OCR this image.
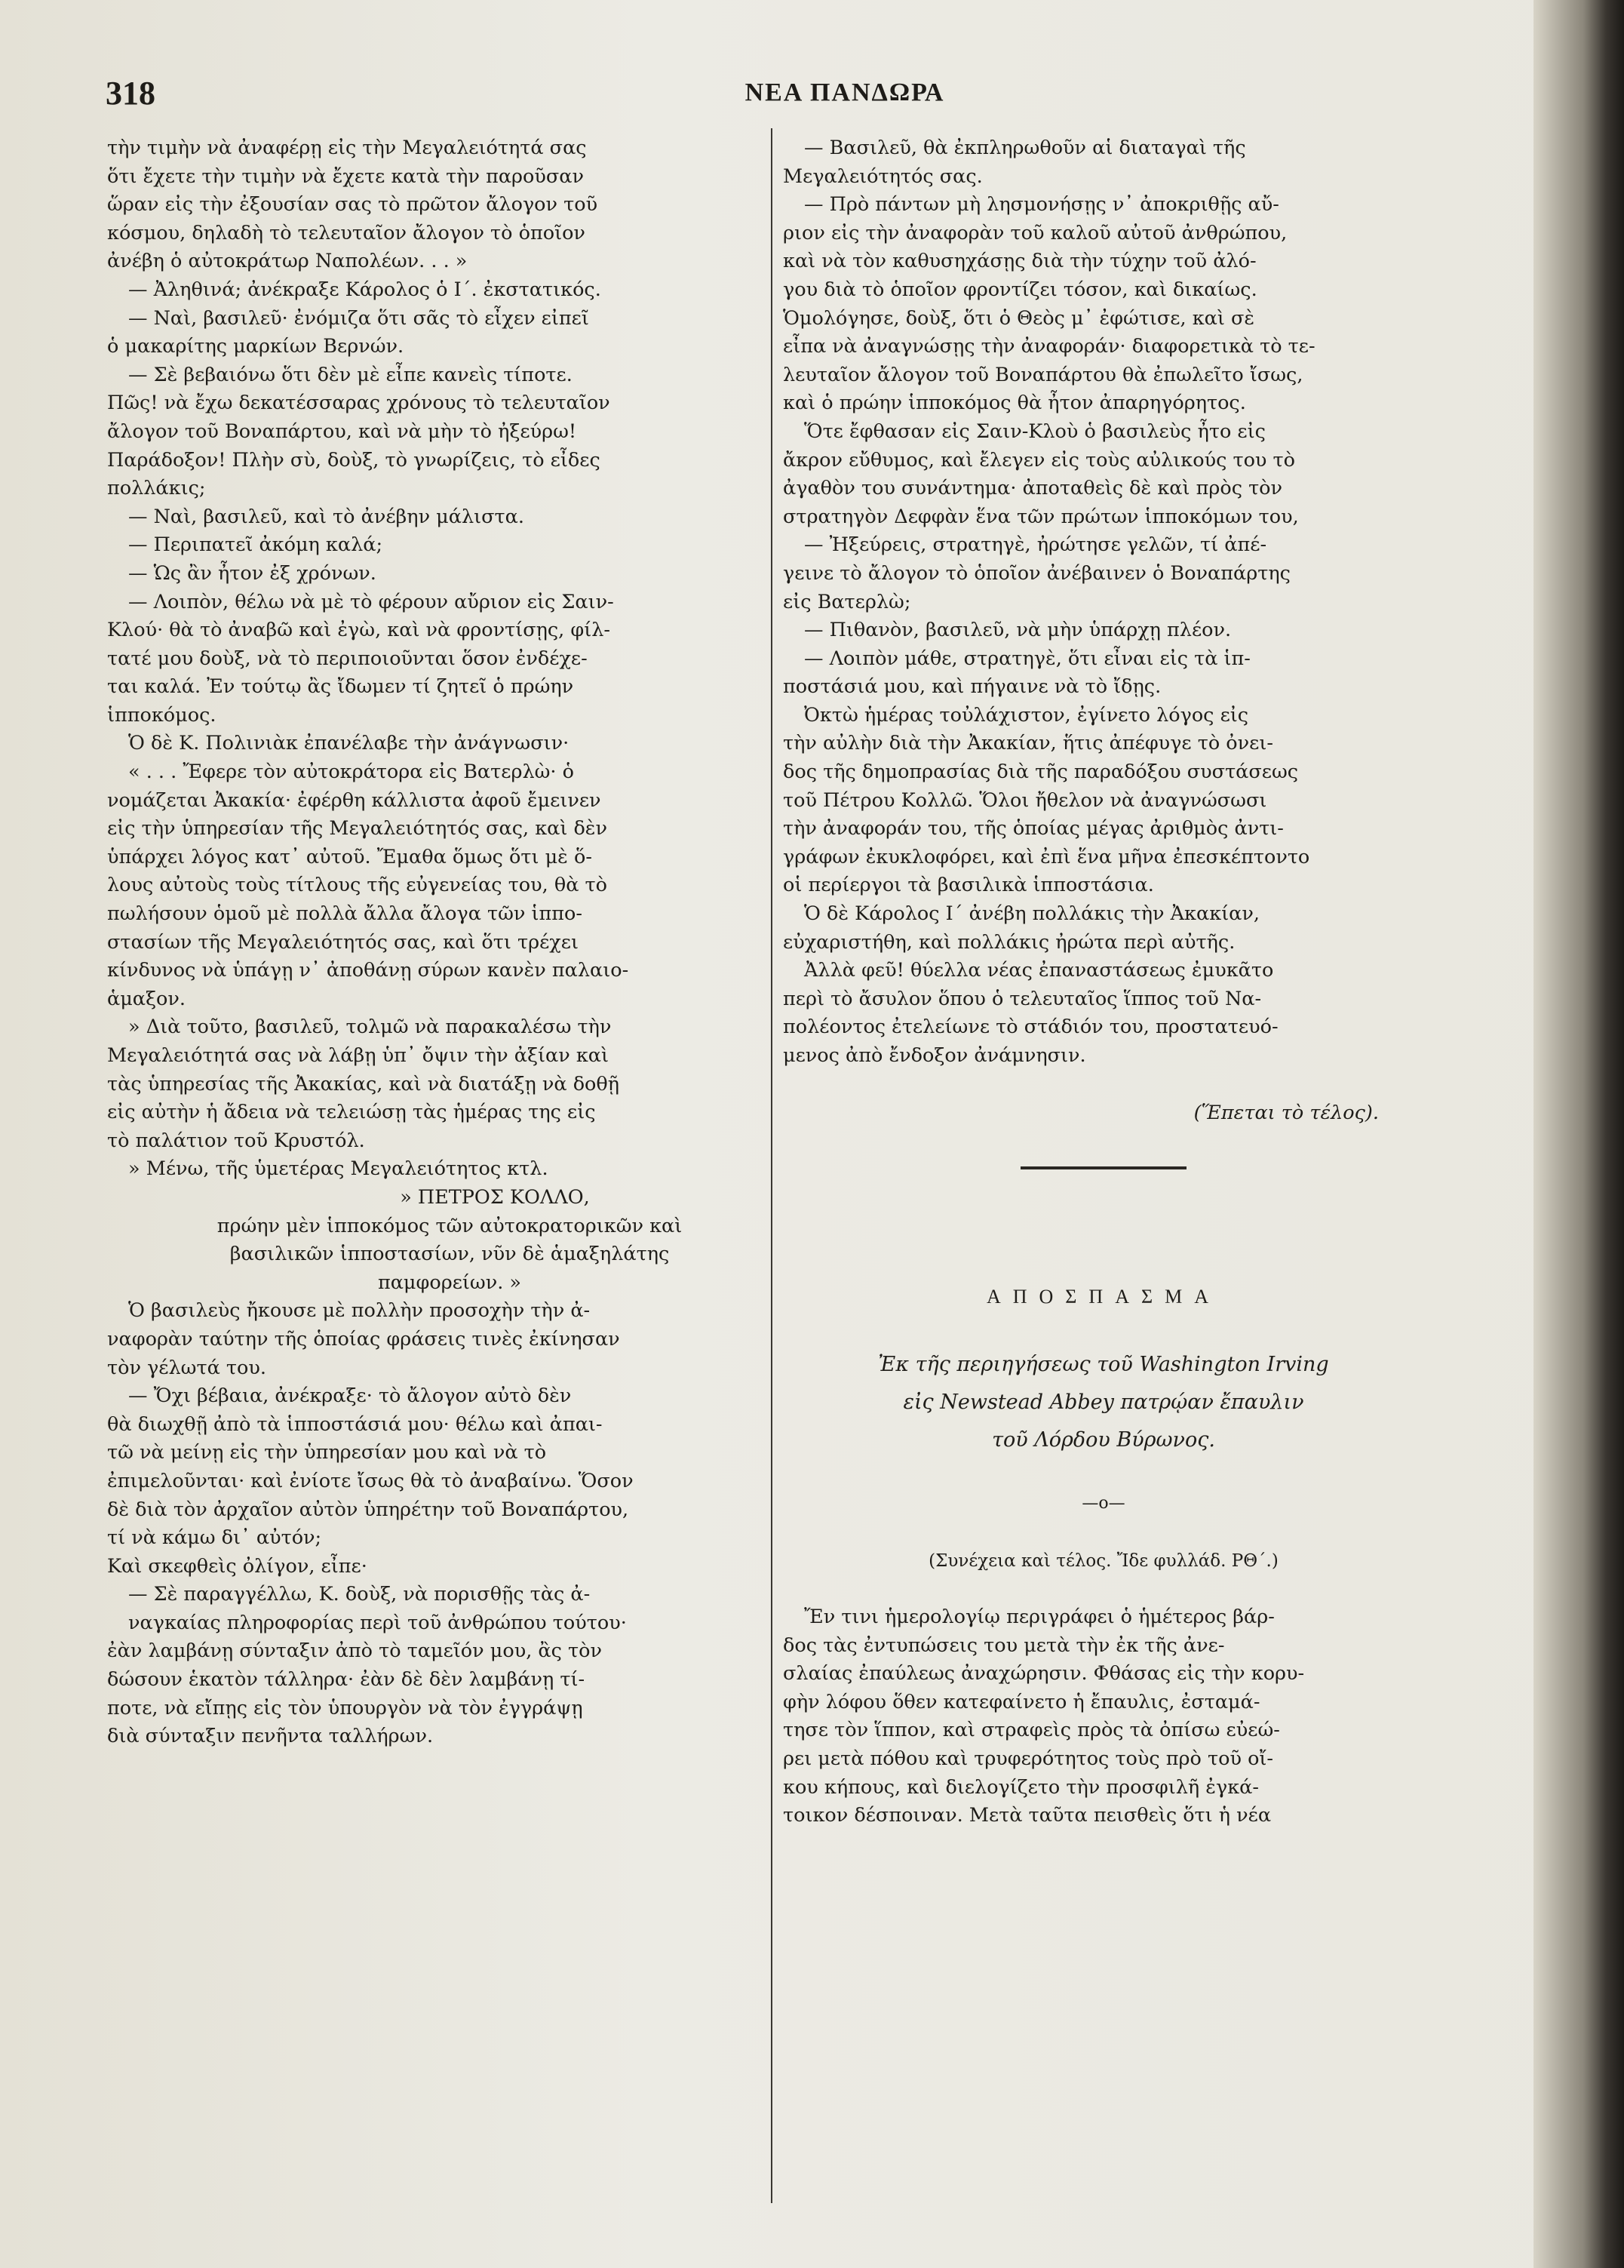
318	ΝΕΑ ΠΑΝΔΩΡΑ
τὴν τιμὴν νὰ ἀναφέρῃ εἰς τὴν Μεγαλειότητά σας
ὅτι ἔχετε τὴν τιμὴν νὰ ἔχετε κατὰ τὴν παροῦσαν
ὥραν εἰς τὴν ἐξουσίαν σας τὸ πρῶτον ἄλογον τοῦ
κόσμου, δηλαδὴ τὸ τελευταῖον ἄλογον τὸ ὁποῖον
ἀνέβη ὁ αὐτοκράτωρ Ναπολέων. . . »
— Ἀληθινά; ἀνέκραξε Κάρολος ὁ Ι΄. ἐκστατικός.
— Ναὶ, βασιλεῦ· ἐνόμιζα ὅτι σᾶς τὸ εἶχεν εἰπεῖ
ὁ μακαρίτης μαρκίων Βερνών.
— Σὲ βεβαιόνω ὅτι δὲν μὲ εἶπε κανεὶς τίποτε.
Πῶς! νὰ ἔχω δεκατέσσαρας χρόνους τὸ τελευταῖον
ἄλογον τοῦ Βοναπάρτου, καὶ νὰ μὴν τὸ ἠξεύρω!
Παράδοξον! Πλὴν σὺ, δοὺξ, τὸ γνωρίζεις, τὸ εἶδες
πολλάκις;
— Ναὶ, βασιλεῦ, καὶ τὸ ἀνέβην μάλιστα.
— Περιπατεῖ ἀκόμη καλά;
— Ὡς ἂν ἦτον ἐξ χρόνων.
— Λοιπὸν, θέλω νὰ μὲ τὸ φέρουν αὔριον εἰς Σαιν-
Κλού· θὰ τὸ ἀναβῶ καὶ ἐγὼ, καὶ νὰ φροντίσῃς, φίλ-
τατέ μου δοὺξ, νὰ τὸ περιποιοῦνται ὅσον ἐνδέχε-
ται καλά. Ἐν τούτῳ ἂς ἴδωμεν τί ζητεῖ ὁ πρώην
ἱπποκόμος.
Ὁ δὲ Κ. Πολινιὰκ ἐπανέλαβε τὴν ἀνάγνωσιν·
« . . . Ἔφερε τὸν αὐτοκράτορα εἰς Βατερλὼ· ὁ
νομάζεται Ἀκακία· ἐφέρθη κάλλιστα ἀφοῦ ἔμεινεν
εἰς τὴν ὑπηρεσίαν τῆς Μεγαλειότητός σας, καὶ δὲν
ὑπάρχει λόγος κατ᾽ αὐτοῦ. Ἔμαθα ὅμως ὅτι μὲ ὅ-
λους αὐτοὺς τοὺς τίτλους τῆς εὐγενείας του, θὰ τὸ
πωλήσουν ὁμοῦ μὲ πολλὰ ἄλλα ἄλογα τῶν ἱππο-
στασίων τῆς Μεγαλειότητός σας, καὶ ὅτι τρέχει
κίνδυνος νὰ ὑπάγῃ ν᾽ ἀποθάνῃ σύρων κανὲν παλαιο-
ἁμαξον.
» Διὰ τοῦτο, βασιλεῦ, τολμῶ νὰ παρακαλέσω τὴν
Μεγαλειότητά σας νὰ λάβῃ ὑπ᾽ ὄψιν τὴν ἀξίαν καὶ
τὰς ὑπηρεσίας τῆς Ἀκακίας, καὶ νὰ διατάξῃ νὰ δοθῇ
εἰς αὐτὴν ἡ ἄδεια νὰ τελειώσῃ τὰς ἡμέρας της εἰς
τὸ παλάτιον τοῦ Κρυστόλ.
» Μένω, τῆς ὑμετέρας Μεγαλειότητος κτλ.
» ΠΕΤΡΟΣ ΚΟΛΛΟ,
πρώην μὲν ἱπποκόμος τῶν αὐτοκρατορικῶν καὶ
βασιλικῶν ἱπποστασίων, νῦν δὲ ἁμαξηλάτης
παμφορείων. »
Ὁ βασιλεὺς ἤκουσε μὲ πολλὴν προσοχὴν τὴν ἀ-
ναφορὰν ταύτην τῆς ὁποίας φράσεις τινὲς ἐκίνησαν
τὸν γέλωτά του.
— Ὄχι βέβαια, ἀνέκραξε· τὸ ἄλογον αὐτὸ δὲν
θὰ διωχθῇ ἀπὸ τὰ ἱπποστάσιά μου· θέλω καὶ ἀπαι-
τῶ νὰ μείνῃ εἰς τὴν ὑπηρεσίαν μου καὶ νὰ τὸ
ἐπιμελοῦνται· καὶ ἐνίοτε ἴσως θὰ τὸ ἀναβαίνω. Ὅσον
δὲ διὰ τὸν ἀρχαῖον αὐτὸν ὑπηρέτην τοῦ Βοναπάρτου,
τί νὰ κάμω δι᾽ αὐτόν;
Καὶ σκεφθεὶς ὀλίγον, εἶπε·
— Σὲ παραγγέλλω, Κ. δοὺξ, νὰ πορισθῇς τὰς ἀ-
ναγκαίας πληροφορίας περὶ τοῦ ἀνθρώπου τούτου·
ἐὰν λαμβάνῃ σύνταξιν ἀπὸ τὸ ταμεῖόν μου, ἂς τὸν
δώσουν ἑκατὸν τάλληρα· ἐὰν δὲ δὲν λαμβάνῃ τί-
ποτε, νὰ εἴπῃς εἰς τὸν ὑπουργὸν νὰ τὸν ἐγγράψῃ
διὰ σύνταξιν πενῆντα ταλλήρων.
— Βασιλεῦ, θὰ ἐκπληρωθοῦν αἱ διαταγαὶ τῆς
Μεγαλειότητός σας.
— Πρὸ πάντων μὴ λησμονήσῃς ν᾽ ἀποκριθῇς αὔ-
ριον εἰς τὴν ἀναφορὰν τοῦ καλοῦ αὐτοῦ ἀνθρώπου,
καὶ νὰ τὸν καθυσηχάσῃς διὰ τὴν τύχην τοῦ ἀλό-
γου διὰ τὸ ὁποῖον φροντίζει τόσον, καὶ δικαίως.
Ὁμολόγησε, δοὺξ, ὅτι ὁ Θεὸς μ᾽ ἐφώτισε, καὶ σὲ
εἶπα νὰ ἀναγνώσῃς τὴν ἀναφοράν· διαφορετικὰ τὸ τε-
λευταῖον ἄλογον τοῦ Βοναπάρτου θὰ ἐπωλεῖτο ἴσως,
καὶ ὁ πρώην ἱπποκόμος θὰ ἦτον ἀπαρηγόρητος.
Ὅτε ἔφθασαν εἰς Σαιν-Κλοὺ ὁ βασιλεὺς ἦτο εἰς
ἄκρον εὔθυμος, καὶ ἔλεγεν εἰς τοὺς αὐλικούς του τὸ
ἀγαθὸν του συνάντημα· ἀποταθεὶς δὲ καὶ πρὸς τὸν
στρατηγὸν Δεφφὰν ἕνα τῶν πρώτων ἱπποκόμων του,
— Ἠξεύρεις, στρατηγὲ, ἠρώτησε γελῶν, τί ἀπέ-
γεινε τὸ ἄλογον τὸ ὁποῖον ἀνέβαινεν ὁ Βοναπάρτης
εἰς Βατερλὼ;
— Πιθανὸν, βασιλεῦ, νὰ μὴν ὑπάρχῃ πλέον.
— Λοιπὸν μάθε, στρατηγὲ, ὅτι εἶναι εἰς τὰ ἱπ-
ποστάσιά μου, καὶ πήγαινε νὰ τὸ ἴδῃς.
Ὀκτὼ ἡμέρας τοὐλάχιστον, ἐγίνετο λόγος εἰς
τὴν αὐλὴν διὰ τὴν Ἀκακίαν, ἥτις ἀπέφυγε τὸ ὀνει-
δος τῆς δημοπρασίας διὰ τῆς παραδόξου συστάσεως
τοῦ Πέτρου Κολλῶ. Ὅλοι ἤθελον νὰ ἀναγνώσωσι
τὴν ἀναφοράν του, τῆς ὁποίας μέγας ἀριθμὸς ἀντι-
γράφων ἐκυκλοφόρει, καὶ ἐπὶ ἕνα μῆνα ἐπεσκέπτοντο
οἱ περίεργοι τὰ βασιλικὰ ἱπποστάσια.
Ὁ δὲ Κάρολος Ι΄ ἀνέβη πολλάκις τὴν Ἀκακίαν,
εὐχαριστήθη, καὶ πολλάκις ἠρώτα περὶ αὐτῆς.
Ἀλλὰ φεῦ! θύελλα νέας ἐπαναστάσεως ἐμυκᾶτο
περὶ τὸ ἄσυλον ὅπου ὁ τελευταῖος ἵππος τοῦ Να-
πολέοντος ἐτελείωνε τὸ στάδιόν του, προστατευό-
μενος ἀπὸ ἔνδοξον ἀνάμνησιν.
(Ἕπεται τὸ τέλος).
ΑΠΟΣΠΑΣΜΑ
Ἐκ τῆς περιηγήσεως τοῦ Washington Irving
εἰς Newstead Abbey πατρῴαν ἔπαυλιν
τοῦ Λόρδου Βύρωνος.
—o—
(Συνέχεια καὶ τέλος. Ἴδε φυλλάδ. ΡΘ΄.)
Ἔν τινι ἡμερολογίῳ περιγράφει ὁ ἡμέτερος βάρ-
δος τὰς ἐντυπώσεις του μετὰ τὴν ἐκ τῆς ἀνε-
σλαίας ἐπαύλεως ἀναχώρησιν. Φθάσας εἰς τὴν κορυ-
φὴν λόφου ὅθεν κατεφαίνετο ἡ ἔπαυλις, ἐσταμά-
τησε τὸν ἵππον, καὶ στραφεὶς πρὸς τὰ ὀπίσω εὐεώ-
ρει μετὰ πόθου καὶ τρυφερότητος τοὺς πρὸ τοῦ οἴ-
κου κήπους, καὶ διελογίζετο τὴν προσφιλῆ ἐγκά-
τοικον δέσποιναν. Μετὰ ταῦτα πεισθεὶς ὅτι ἡ νέα
